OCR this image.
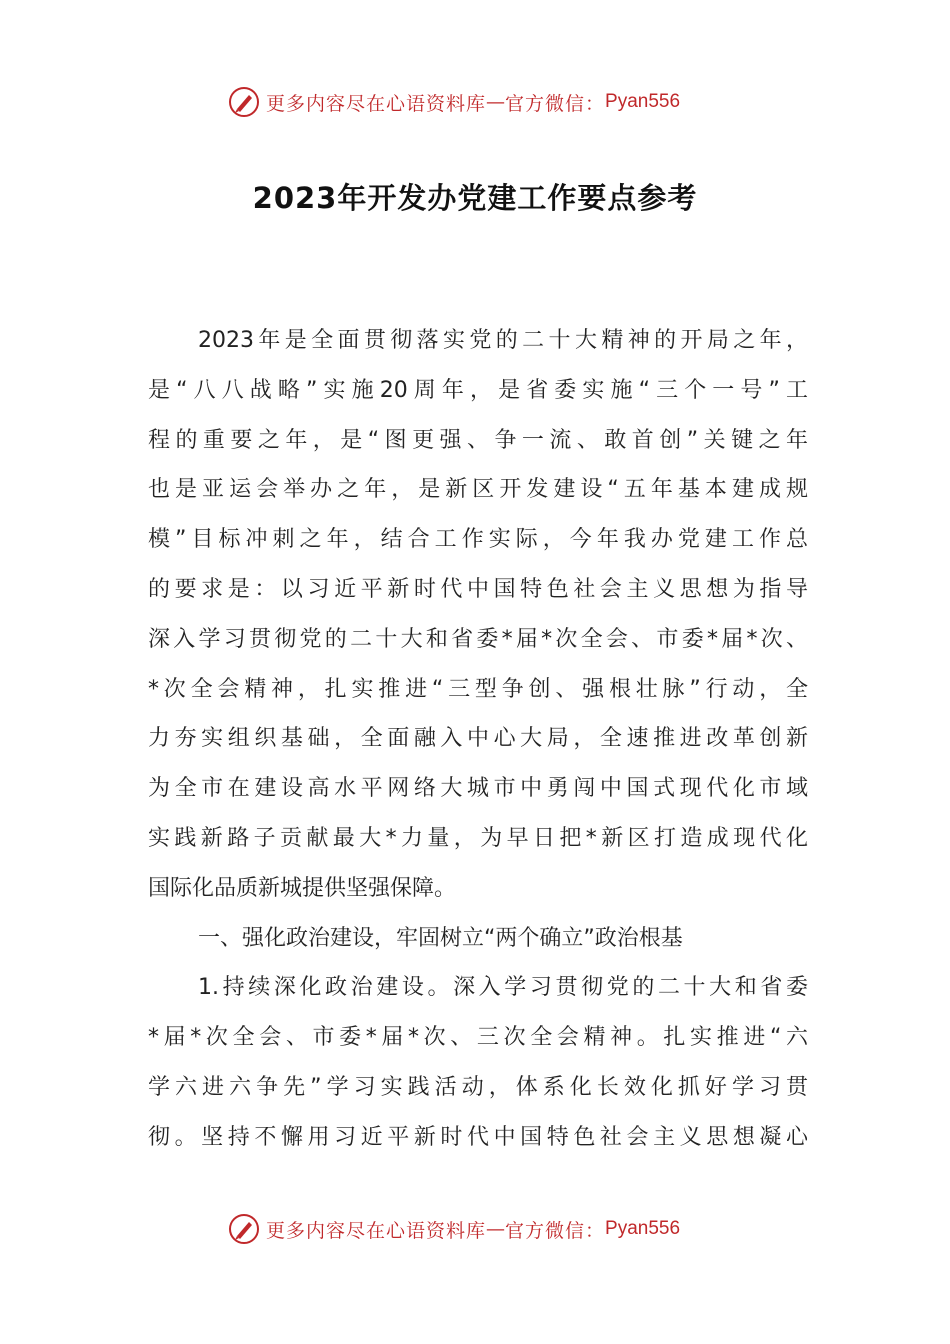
更多内容尽在心语资料库 — 官方微信： Pyan556
2023年开发办党建工作要点参考
2023年是全面贯彻落实党的二十大精神的开局之年，
是“八八战略”实施20周年，是省委实施“三个一号”工
程的重要之年，是“图更强、争一流、敢首创”关键之年
也是亚运会举办之年，是新区开发建设“五年基本建成规
模”目标冲刺之年，结合工作实际，今年我办党建工作总
的要求是：以习近平新时代中国特色社会主义思想为指导
深入学习贯彻党的二十大和省委*届*次全会、市委*届*次、
*次全会精神，扎实推进“三型争创、强根壮脉”行动，全
力夯实组织基础，全面融入中心大局，全速推进改革创新
为全市在建设高水平网络大城市中勇闯中国式现代化市域
实践新路子贡献最大*力量，为早日把*新区打造成现代化
国际化品质新城提供坚强保障。
一、强化政治建设，牢固树立“两个确立”政治根基
1.持续深化政治建设。深入学习贯彻党的二十大和省委
*届*次全会、市委*届*次、三次全会精神。扎实推进“六
学六进六争先”学习实践活动，体系化长效化抓好学习贯
彻。坚持不懈用习近平新时代中国特色社会主义思想凝心
更多内容尽在心语资料库 — 官方微信： Pyan556
